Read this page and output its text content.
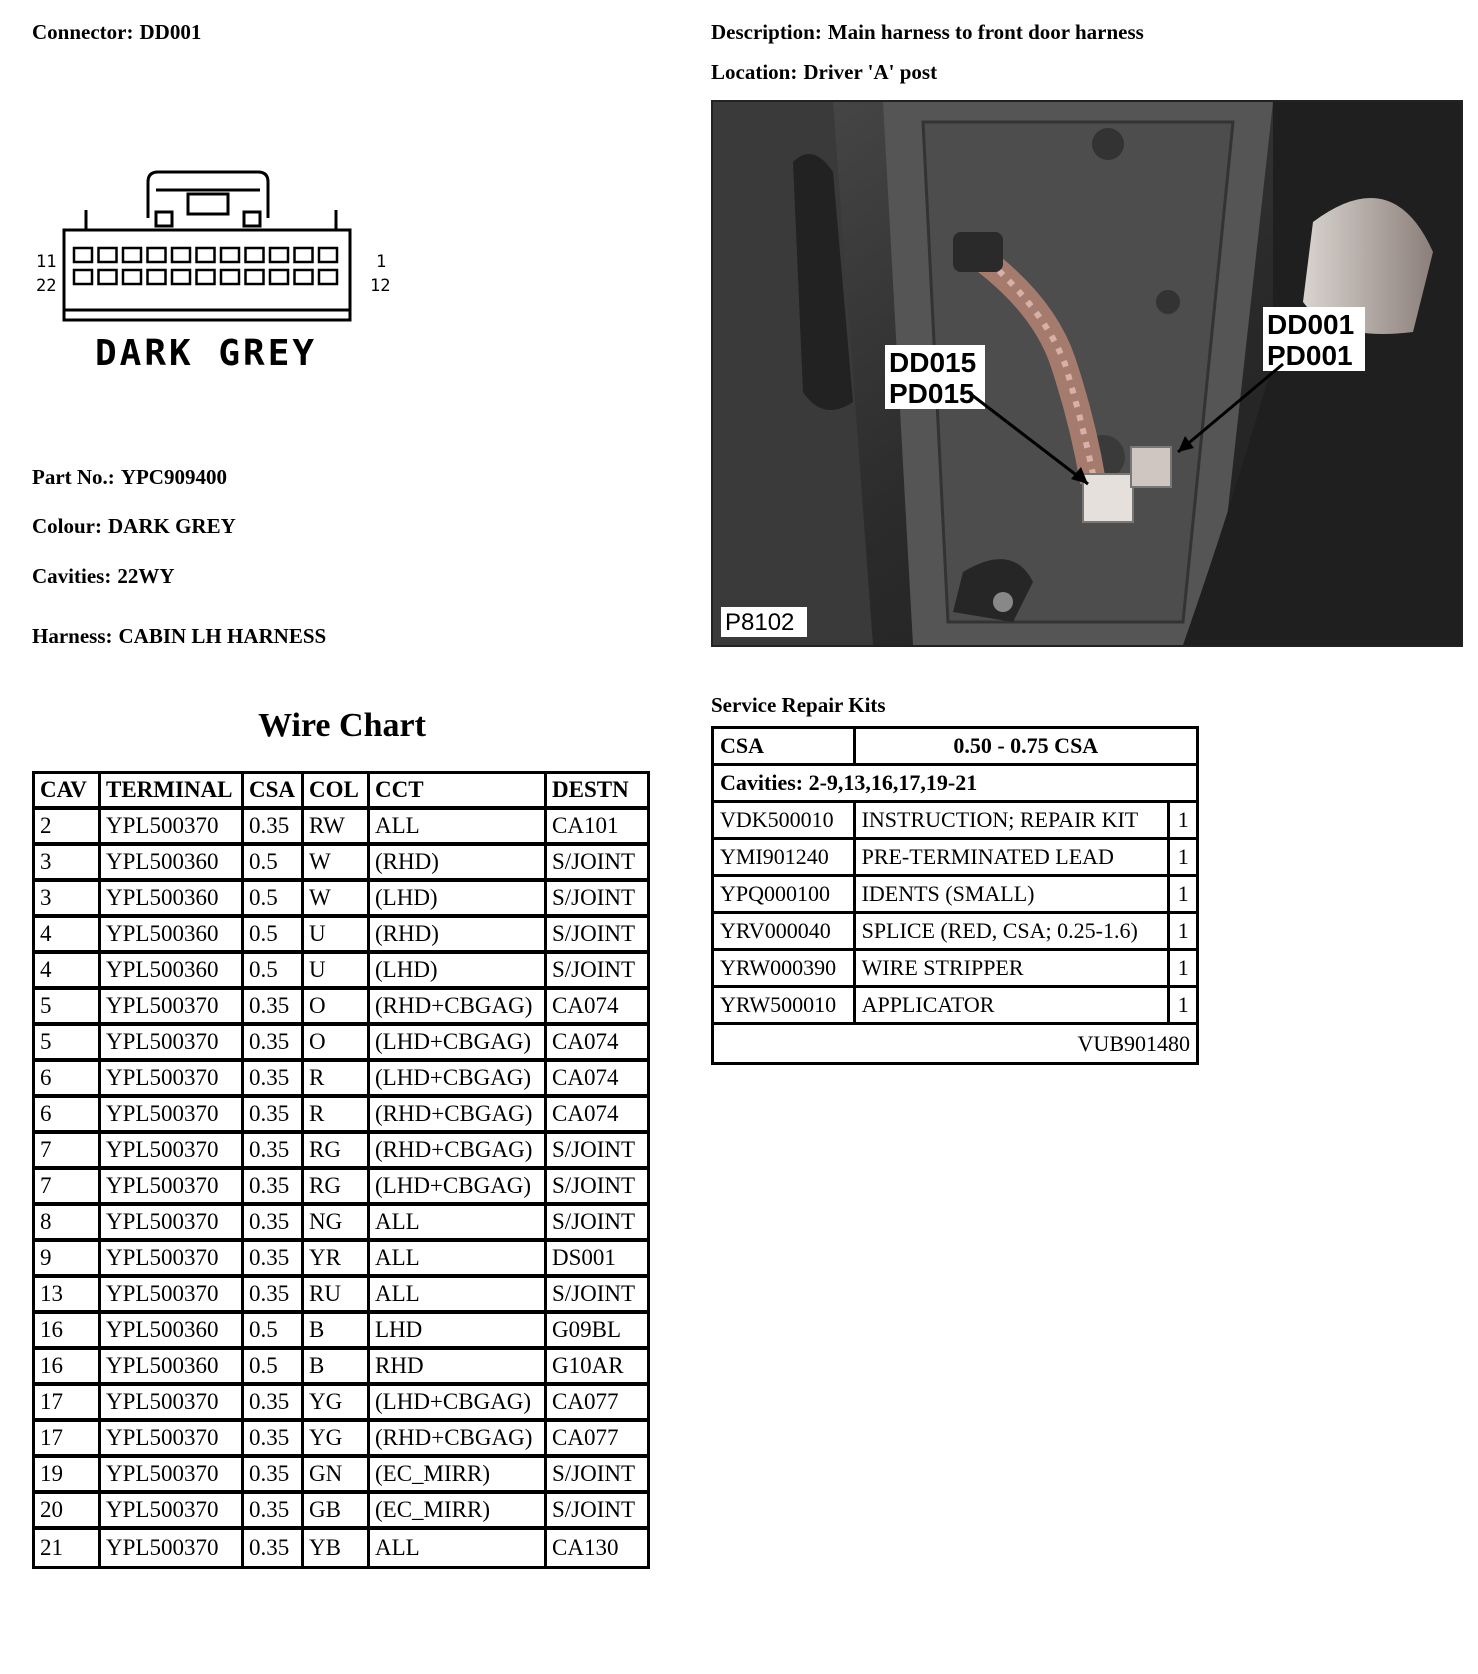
Connector: DD001	Description: Main harness to front door harness
Location: Driver 'A' post
11
22
1
12
DARK GREY
Part No.: YPC909400
Colour: DARK GREY
Cavities: 22WY
Harness: CABIN LH HARNESS
DD015
PD015
DD001
PD001
P8102
Wire Chart
CAV	TERMINAL	CSA	COL	CCT	DESTN
2	YPL500370	0.35	RW	ALL	CA101
3	YPL500360	0.5	W	(RHD)	S/JOINT
3	YPL500360	0.5	W	(LHD)	S/JOINT
4	YPL500360	0.5	U	(RHD)	S/JOINT
4	YPL500360	0.5	U	(LHD)	S/JOINT
5	YPL500370	0.35	O	(RHD+CBGAG)	CA074
5	YPL500370	0.35	O	(LHD+CBGAG)	CA074
6	YPL500370	0.35	R	(LHD+CBGAG)	CA074
6	YPL500370	0.35	R	(RHD+CBGAG)	CA074
7	YPL500370	0.35	RG	(RHD+CBGAG)	S/JOINT
7	YPL500370	0.35	RG	(LHD+CBGAG)	S/JOINT
8	YPL500370	0.35	NG	ALL	S/JOINT
9	YPL500370	0.35	YR	ALL	DS001
13	YPL500370	0.35	RU	ALL	S/JOINT
16	YPL500360	0.5	B	LHD	G09BL
16	YPL500360	0.5	B	RHD	G10AR
17	YPL500370	0.35	YG	(LHD+CBGAG)	CA077
17	YPL500370	0.35	YG	(RHD+CBGAG)	CA077
19	YPL500370	0.35	GN	(EC_MIRR)	S/JOINT
20	YPL500370	0.35	GB	(EC_MIRR)	S/JOINT
21	YPL500370	0.35	YB	ALL	CA130
Service Repair Kits
CSA	0.50 - 0.75 CSA	
Cavities: 2-9,13,16,17,19-21		
VDK500010	INSTRUCTION; REPAIR KIT	1
YMI901240	PRE-TERMINATED LEAD	1
YPQ000100	IDENTS (SMALL)	1
YRV000040	SPLICE (RED, CSA; 0.25-1.6)	1
YRW000390	WIRE STRIPPER	1
YRW500010	APPLICATOR	1
VUB901480		
